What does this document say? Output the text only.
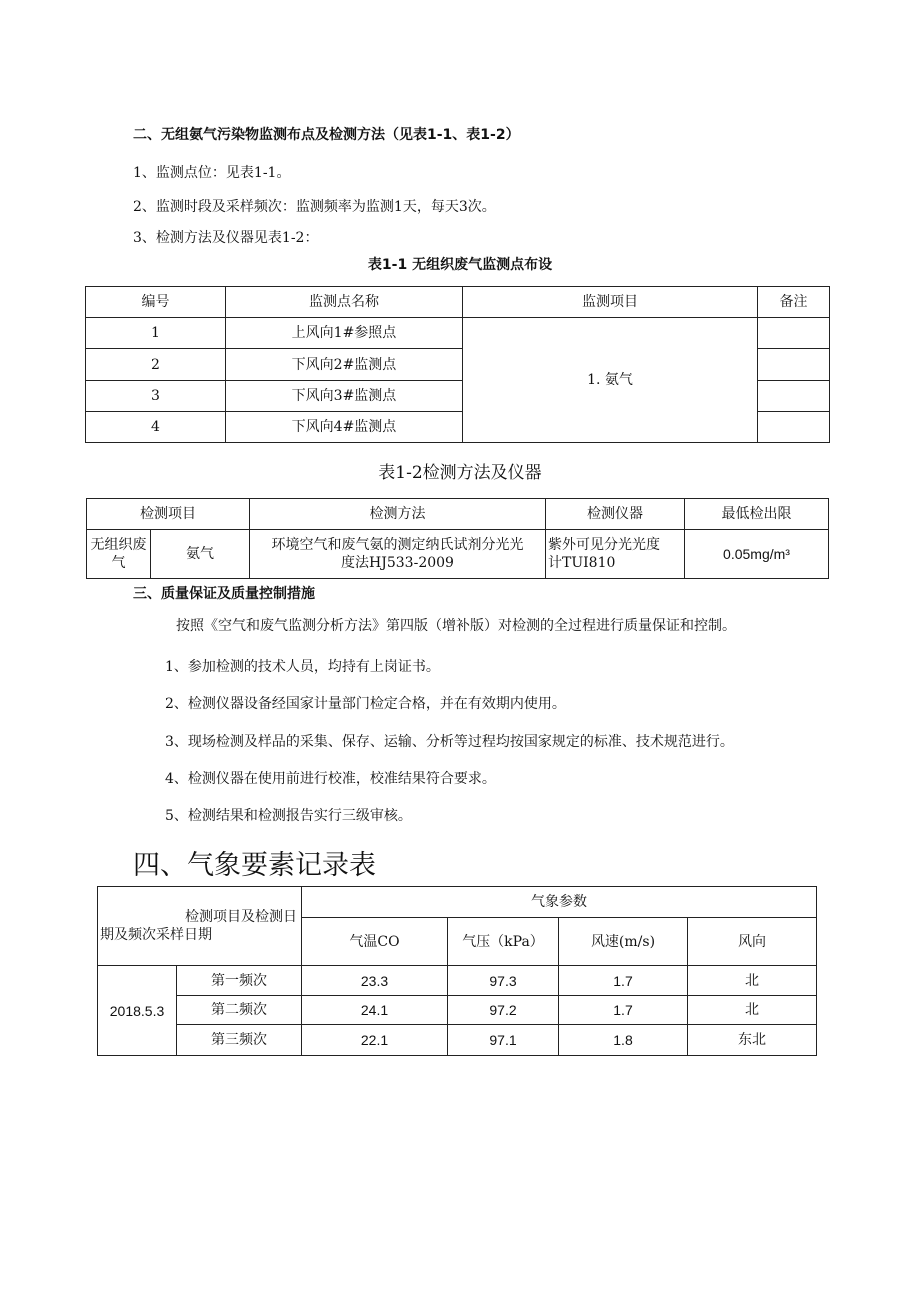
二、无组氨气污染物监测布点及检测方法（见表1-1、表1-2）
1、监测点位：见表1-1。
2、监测时段及采样频次：监测频率为监测1天，每天3次。
3、检测方法及仪器见表1-2：
表1-1 无组织废气监测点布设
编号	监测点名称	监测项目	备注
1	上风向1#参照点	1. 氨气	
2	下风向2#监测点		
3	下风向3#监测点		
4	下风向4#监测点		
表1-2检测方法及仪器
检测项目		检测方法	检测仪器	最低检出限
无组织废气	氨气	环境空气和废气氨的测定纳氏试剂分光光度法HJ533-2009	紫外可见分光光度计TUI810	0.05mg/m³
三、质量保证及质量控制措施
按照《空气和废气监测分析方法》第四版（增补版）对检测的全过程进行质量保证和控制。
1、参加检测的技术人员，均持有上岗证书。
2、检测仪器设备经国家计量部门检定合格，并在有效期内使用。
3、现场检测及样品的采集、保存、运输、分析等过程均按国家规定的标准、技术规范进行。
4、检测仪器在使用前进行校准，校准结果符合要求。
5、检测结果和检测报告实行三级审核。
四、气象要素记录表
检测项目及检测日
期及频次采样日期		气象参数			
		气温CO	气压（kPa）	风速(m/s)	风向
2018.5.3	第一频次	23.3	97.3	1.7	北
	第二频次	24.1	97.2	1.7	北
	第三频次	22.1	97.1	1.8	东北
